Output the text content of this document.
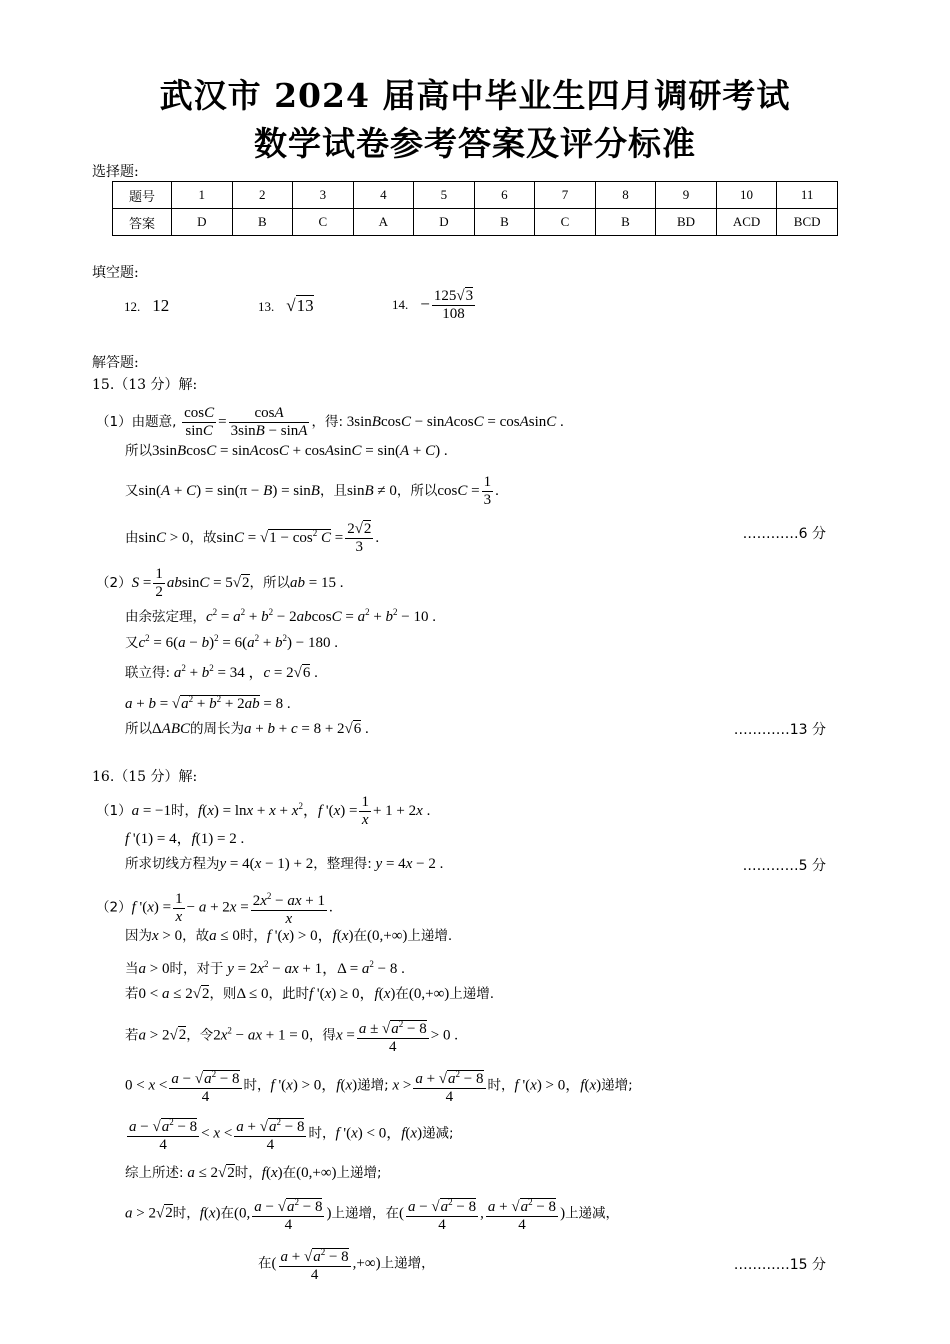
武汉市 2024 届高中毕业生四月调研考试
数学试卷参考答案及评分标准
选择题:
题号	1	2	3	4	5	6	7	8	9	10	11
答案	D	B	C	A	D	B	C	B	BD	ACD	BCD
填空题:
12. 12	13. √13	14. − $\frac{125√3}{108}$
解答题:
15.（13 分）解:
（1）由题意, $\frac{\cos C}{\sin C} = \frac{\cos A}{3\sin B - \sin A}$ ，得: 3sinBcosC − sinAcosC = cosAsinC .
所以3sinBcosC = sinAcosC + cosAsinC = sin(A + C) .
又sin(A + C) = sin(π − B) = sinB，且sinB ≠ 0，所以$\cos C = \frac{1}{3}$ .
由sinC > 0，故$\sin C = √1 - \cos^2 C = \frac{2√2}{3}$ .	…………6 分
$(2)S = \frac{1}{2}$ absinC = 5√2，所以ab = 15 .
由余弦定理，$c^2 = a^2 + b^2 - 2abcosC = a^2 + b^2 - 10$ .
又$c^2 = 6(a - b)^2 = 6(a^2 + b^2) - 180$ .
联立得: $a^2 + b^2 = 34$ ，c = 2√6 .
$a + b = √a^2 + b^2 + 2ab = 8$ .
所以ΔABC的周长为a + b + c = 8 + 2√6 .	…………13 分
16.（15 分）解:
（1）a = −1时，$f(x) = \ln x + x + x^2$，f '$(x) = \frac{1}{x} + 1 + 2x$ .
f '(1) = 4，f(1) = 2 .
所求切线方程为y = 4(x − 1) + 2，整理得: y = 4x − 2 .	…………5 分
（2）f '$(x) = \frac{1}{x} - a + 2x = \frac{2x^2 - ax + 1}{x}$ .
因为x > 0，故a ≤ 0时，f '(x) > 0，f(x)在(0,+∞)上递增.
当a > 0时，对于 $y = 2x^2$ − ax + 1，$\Delta = a^2 - 8$ .
若0 < a ≤ 2√2，则Δ ≤ 0，此时f '(x) ≥ 0，f(x)在(0,+∞)上递增.
若a > 2√2，令$2x^2$ − ax + 1 = 0，得$x = \frac{a \pm √a^2 - 8}{4} > 0$ .
$0 < x < \frac{a - √a^2 - 8}{4}$ 时，f '(x) > 0，f(x)递增; $x > \frac{a + √a^2 - 8}{4}$ 时，f '(x) > 0，f(x)递增;
$\frac{a - √a^2 - 8}{4} < x < \frac{a + √a^2 - 8}{4}$ 时，f '(x) < 0，f(x)递减;
综上所述: a ≤ 2√2时，f(x)在(0,+∞)上递增;
a > 2√2时，f(x)在(0, $\frac{a - √a^2 - 8}{4}$ )上递增，在( $\frac{a - √a^2 - 8}{4}$ , $\frac{a + √a^2 - 8}{4}$ )上递减，
在( $\frac{a + √a^2 - 8}{4}$ ,+∞)上递增，	…………15 分
